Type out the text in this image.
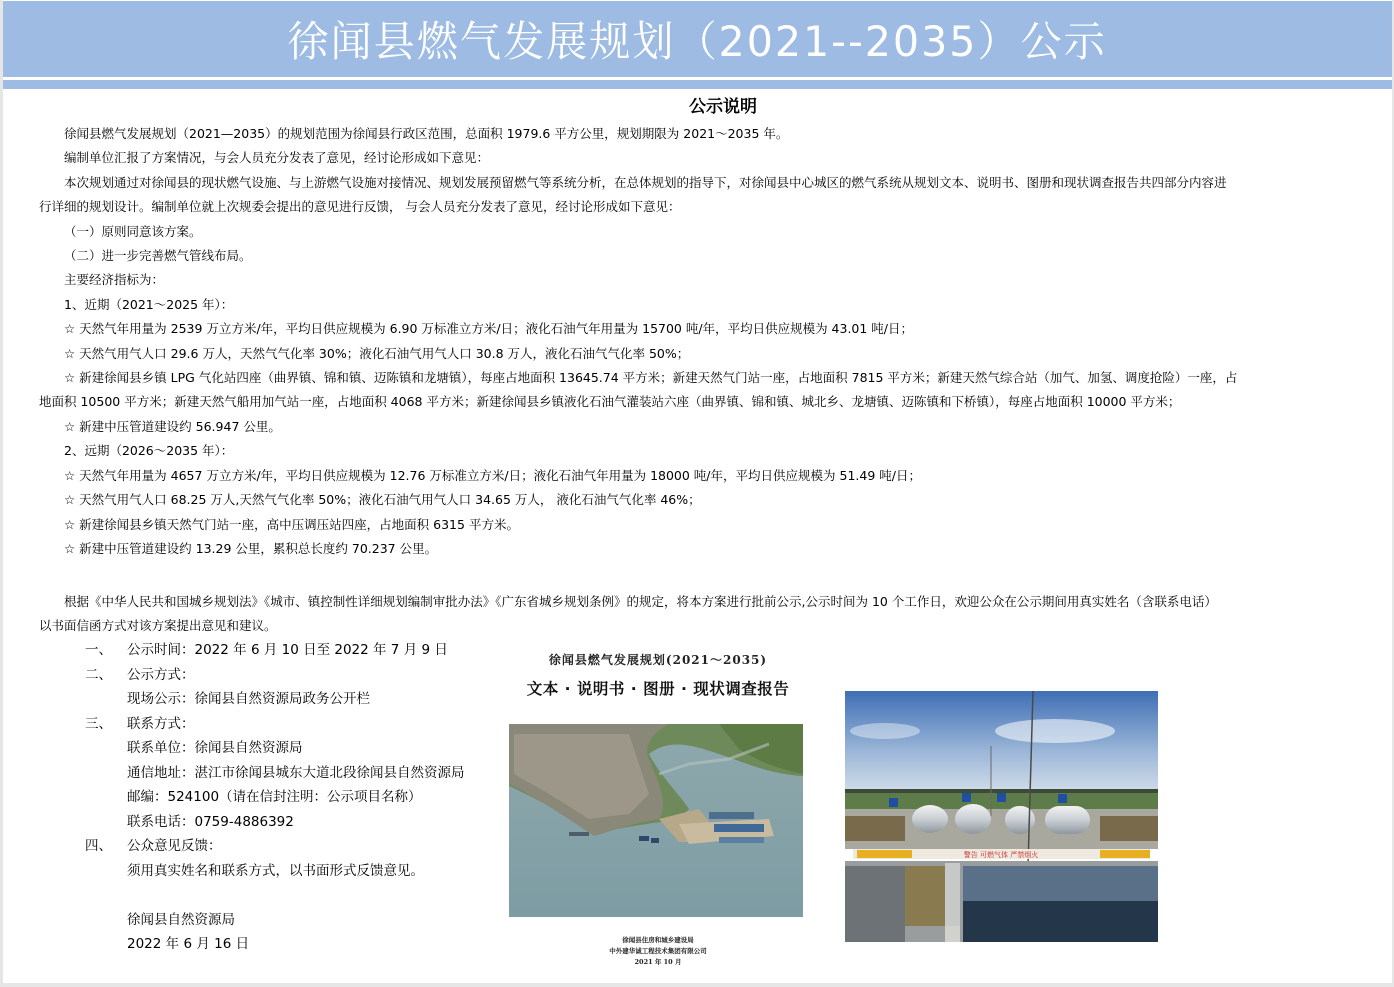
徐闻县燃气发展规划（2021--2035）公示
公示说明

徐闻县燃气发展规划（2021—2035）的规划范围为徐闻县行政区范围，总面积 1979.6 平方公里，规划期限为 2021～2035 年。

编制单位汇报了方案情况，与会人员充分发表了意见，经讨论形成如下意见：

本次规划通过对徐闻县的现状燃气设施、与上游燃气设施对接情况、规划发展预留燃气等系统分析，在总体规划的指导下，对徐闻县中心城区的燃气系统从规划文本、说明书、图册和现状调查报告共四部分内容进

行详细的规划设计。编制单位就上次规委会提出的意见进行反馈， 与会人员充分发表了意见，经讨论形成如下意见：

（一）原则同意该方案。

（二）进一步完善燃气管线布局。

主要经济指标为：

1、近期（2021～2025 年）：

☆ 天然气年用量为 2539 万立方米/年，平均日供应规模为 6.90 万标准立方米/日；液化石油气年用量为 15700 吨/年，平均日供应规模为 43.01 吨/日；

☆ 天然气用气人口 29.6 万人，天然气气化率 30%；液化石油气用气人口 30.8 万人，液化石油气气化率 50%；

☆ 新建徐闻县乡镇 LPG 气化站四座（曲界镇、锦和镇、迈陈镇和龙塘镇），每座占地面积 13645.74 平方米；新建天然气门站一座，占地面积 7815 平方米；新建天然气综合站（加气、加氢、调度抢险）一座，占

地面积 10500 平方米；新建天然气船用加气站一座，占地面积 4068 平方米；新建徐闻县乡镇液化石油气灌装站六座（曲界镇、锦和镇、城北乡、龙塘镇、迈陈镇和下桥镇），每座占地面积 10000 平方米；

☆ 新建中压管道建设约 56.947 公里。

2、远期（2026～2035 年）：

☆ 天然气年用量为 4657 万立方米/年，平均日供应规模为 12.76 万标准立方米/日；液化石油气年用量为 18000 吨/年，平均日供应规模为 51.49 吨/日；

☆ 天然气用气人口 68.25 万人,天然气气化率 50%；液化石油气用气人口 34.65 万人， 液化石油气气化率 46%；

☆ 新建徐闻县乡镇天然气门站一座，高中压调压站四座，占地面积 6315 平方米。

☆ 新建中压管道建设约 13.29 公里，累积总长度约 70.237 公里。

根据《中华人民共和国城乡规划法》《城市、镇控制性详细规划编制审批办法》《广东省城乡规划条例》的规定，将本方案进行批前公示,公示时间为 10 个工作日，欢迎公众在公示期间用真实姓名（含联系电话）

以书面信函方式对该方案提出意见和建议。

一、	公示时间：2022 年 6 月 10 日至 2022 年 7 月 9 日
二、	公示方式：
现场公示：徐闻县自然资源局政务公开栏
三、	联系方式：
联系单位：徐闻县自然资源局
通信地址：湛江市徐闻县城东大道北段徐闻县自然资源局
邮编：524100（请在信封注明：公示项目名称）
联系电话：0759-4886392
四、	公众意见反馈：
须用真实姓名和联系方式，以书面形式反馈意见。
徐闻县自然资源局
2022 年 6 月 16 日
徐闻县燃气发展规划(2021～2035)
文本 · 说明书 · 图册 · 现状调查报告
徐闻县住房和城乡建设局
中外建华诚工程技术集团有限公司
2021 年 10 月
警告 可燃气体 严禁烟火
